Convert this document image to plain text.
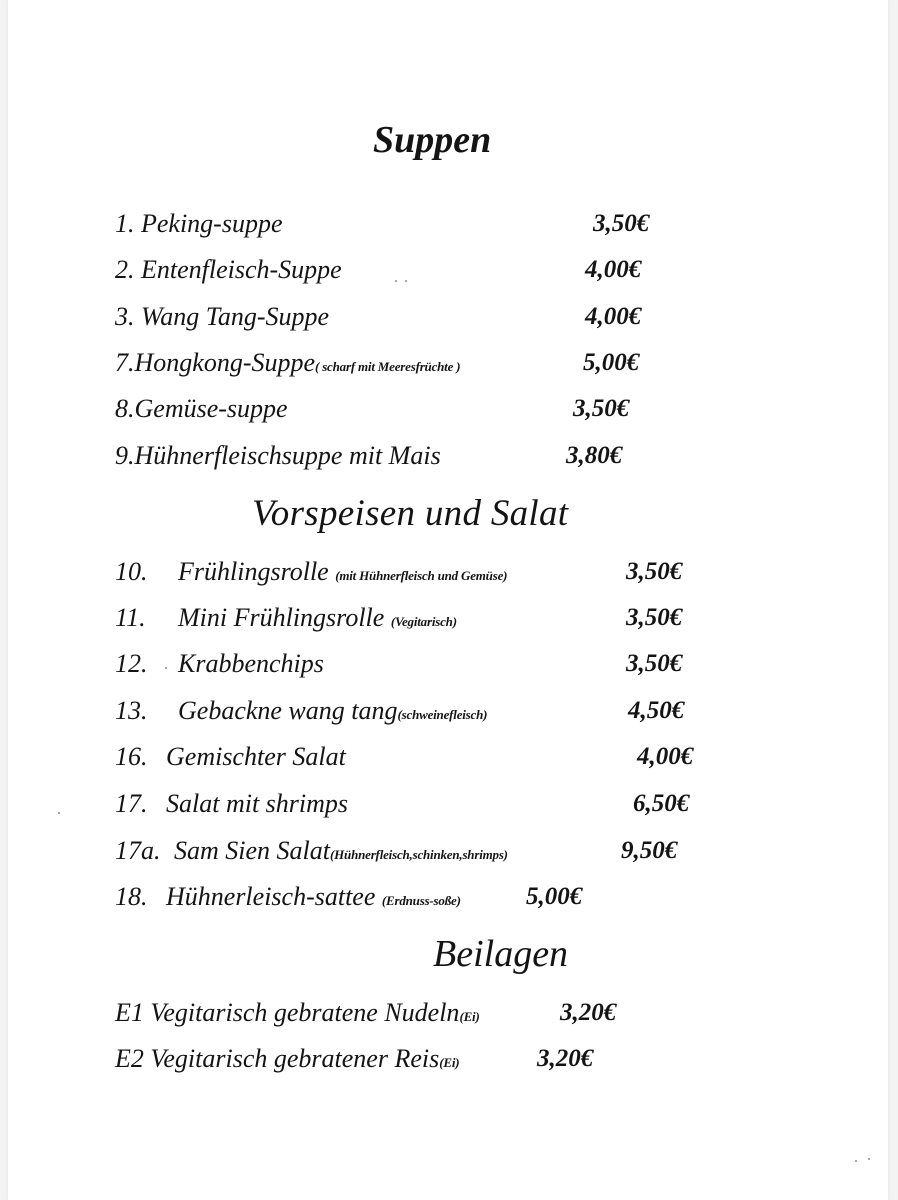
Suppen
1. Peking-suppe	3,50€
2. Entenfleisch-Suppe	4,00€
3. Wang Tang-Suppe	4,00€
7.Hongkong-Suppe( scharf mit Meeresfrüchte )	5,00€
8.Gemüse-suppe	3,50€
9.Hühnerfleischsuppe mit Mais	3,80€
Vorspeisen und Salat
10. Frühlingsrolle (mit Hühnerfleisch und Gemüse)	3,50€
11. Mini Frühlingsrolle (Vegitarisch)	3,50€
12. Krabbenchips	3,50€
13. Gebackne wang tang(schweinefleisch)	4,50€
16. Gemischter Salat	4,00€
17. Salat mit shrimps	6,50€
17a. Sam Sien Salat(Hühnerfleisch,schinken,shrimps)	9,50€
18. Hühnerleisch-sattee (Erdnuss-soße)	5,00€
Beilagen
E1 Vegitarisch gebratene Nudeln(Ei)	3,20€
E2 Vegitarisch gebratener Reis(Ei)	3,20€
